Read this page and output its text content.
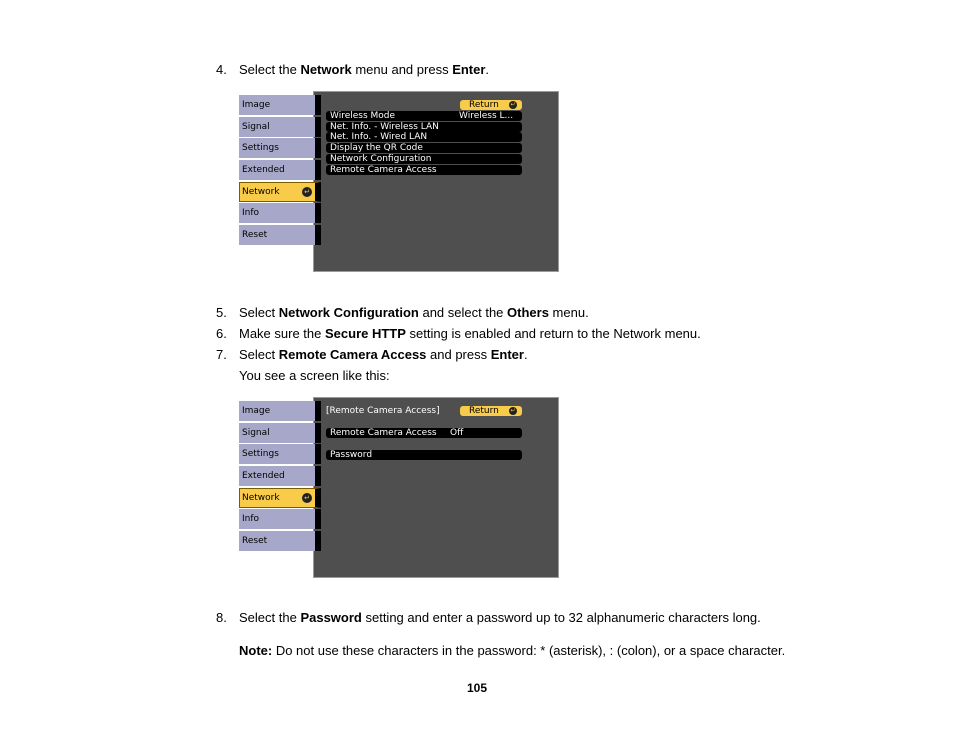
4. Select the Network menu and press Enter.
Image
Signal
Settings
Extended
Network	↵
Info
Reset
Return ↵
Wireless Mode	Wireless L...
Net. Info. - Wireless LAN
Net. Info. - Wired LAN
Display the QR Code
Network Configuration
Remote Camera Access
5. Select Network Configuration and select the Others menu.
6. Make sure the Secure HTTP setting is enabled and return to the Network menu.
7. Select Remote Camera Access and press Enter.
You see a screen like this:
Image
Signal
Settings
Extended
Network	↵
Info
Reset
[Remote Camera Access]	Return ↵
Remote Camera Access Off
Password
8. Select the Password setting and enter a password up to 32 alphanumeric characters long.
Note: Do not use these characters in the password: * (asterisk), : (colon), or a space character.
105
